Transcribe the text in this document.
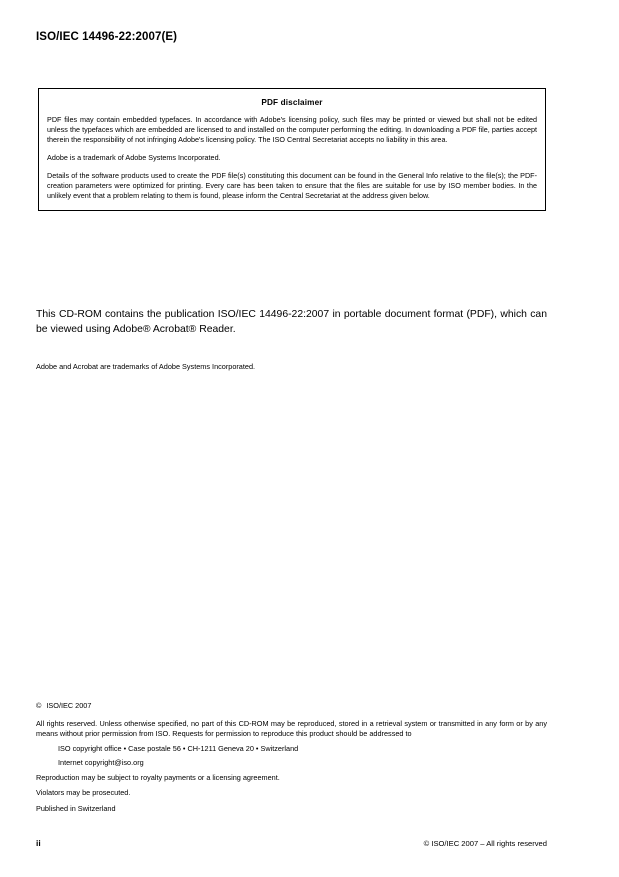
ISO/IEC 14496-22:2007(E)
PDF disclaimer

PDF files may contain embedded typefaces. In accordance with Adobe's licensing policy, such files may be printed or viewed but shall not be edited unless the typefaces which are embedded are licensed to and installed on the computer performing the editing. In downloading a PDF file, parties accept therein the responsibility of not infringing Adobe's licensing policy. The ISO Central Secretariat accepts no liability in this area.

Adobe is a trademark of Adobe Systems Incorporated.

Details of the software products used to create the PDF file(s) constituting this document can be found in the General Info relative to the file(s); the PDF-creation parameters were optimized for printing. Every care has been taken to ensure that the files are suitable for use by ISO member bodies. In the unlikely event that a problem relating to them is found, please inform the Central Secretariat at the address given below.

This CD-ROM contains the publication ISO/IEC 14496-22:2007 in portable document format (PDF), which can be viewed using Adobe® Acrobat® Reader.

Adobe and Acrobat are trademarks of Adobe Systems Incorporated.

© ISO/IEC 2007

All rights reserved. Unless otherwise specified, no part of this CD-ROM may be reproduced, stored in a retrieval system or transmitted in any form or by any means without prior permission from ISO. Requests for permission to reproduce this product should be addressed to

ISO copyright office • Case postale 56 • CH-1211 Geneva 20 • Switzerland

Internet copyright@iso.org

Reproduction may be subject to royalty payments or a licensing agreement.

Violators may be prosecuted.

Published in Switzerland

ii	© ISO/IEC 2007 – All rights reserved
